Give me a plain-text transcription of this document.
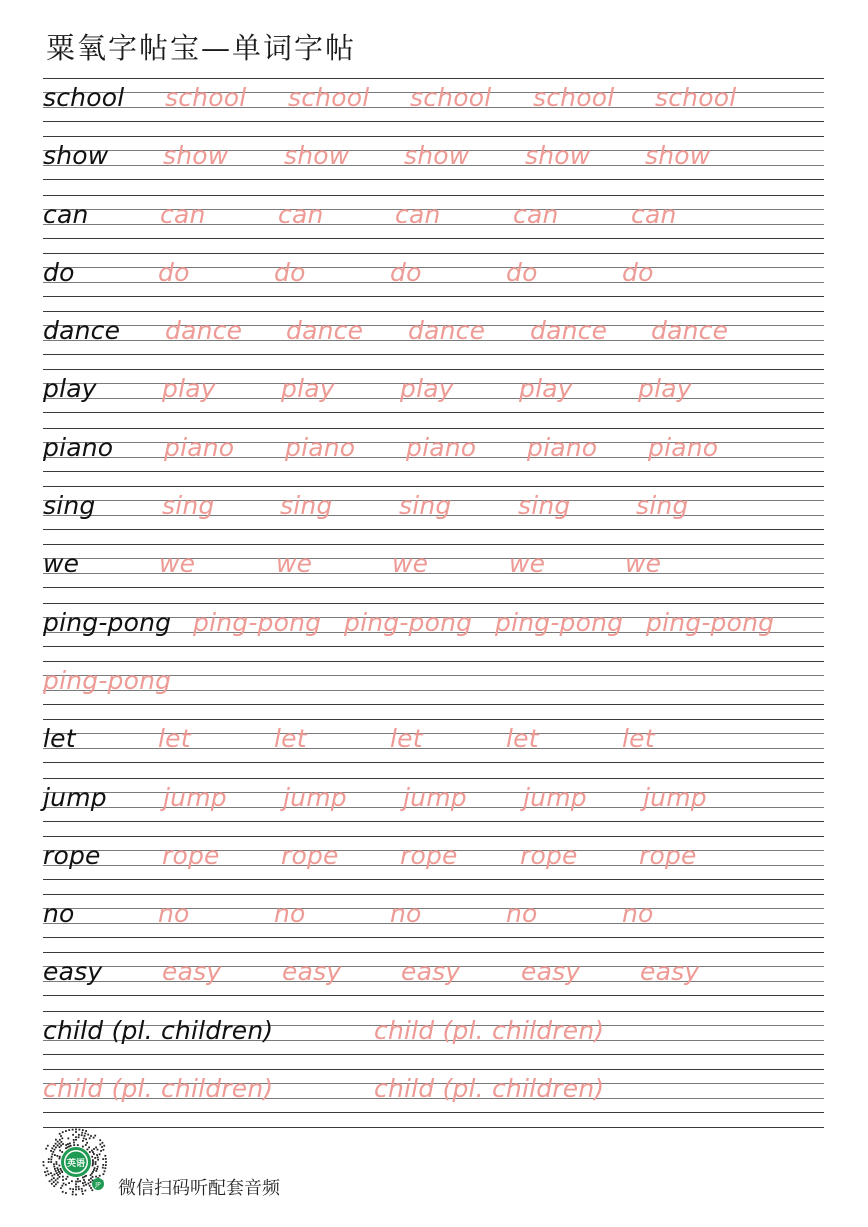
粟氧字帖宝—单词字帖
school school school school school school
show show show show show show
can	can	can	can	can	can
do	do	do	do	do	do
dance dance dance dance dance dance
play	play	play	play	play	play
piano piano piano piano piano piano
sing	sing	sing	sing	sing	sing
we	we	we	we	we	we
ping-pong ping-pong ping-pong ping-pong ping-pong
ping-pong
let	let	let	let	let	let
jump jump jump jump jump jump
rope rope rope rope rope rope
no	no	no	no	no	no
easy easy easy easy easy easy
child (pl. children)	child (pl. children)
child (pl. children)	child (pl. children)
英语
JP 微信扫码听配套音频
